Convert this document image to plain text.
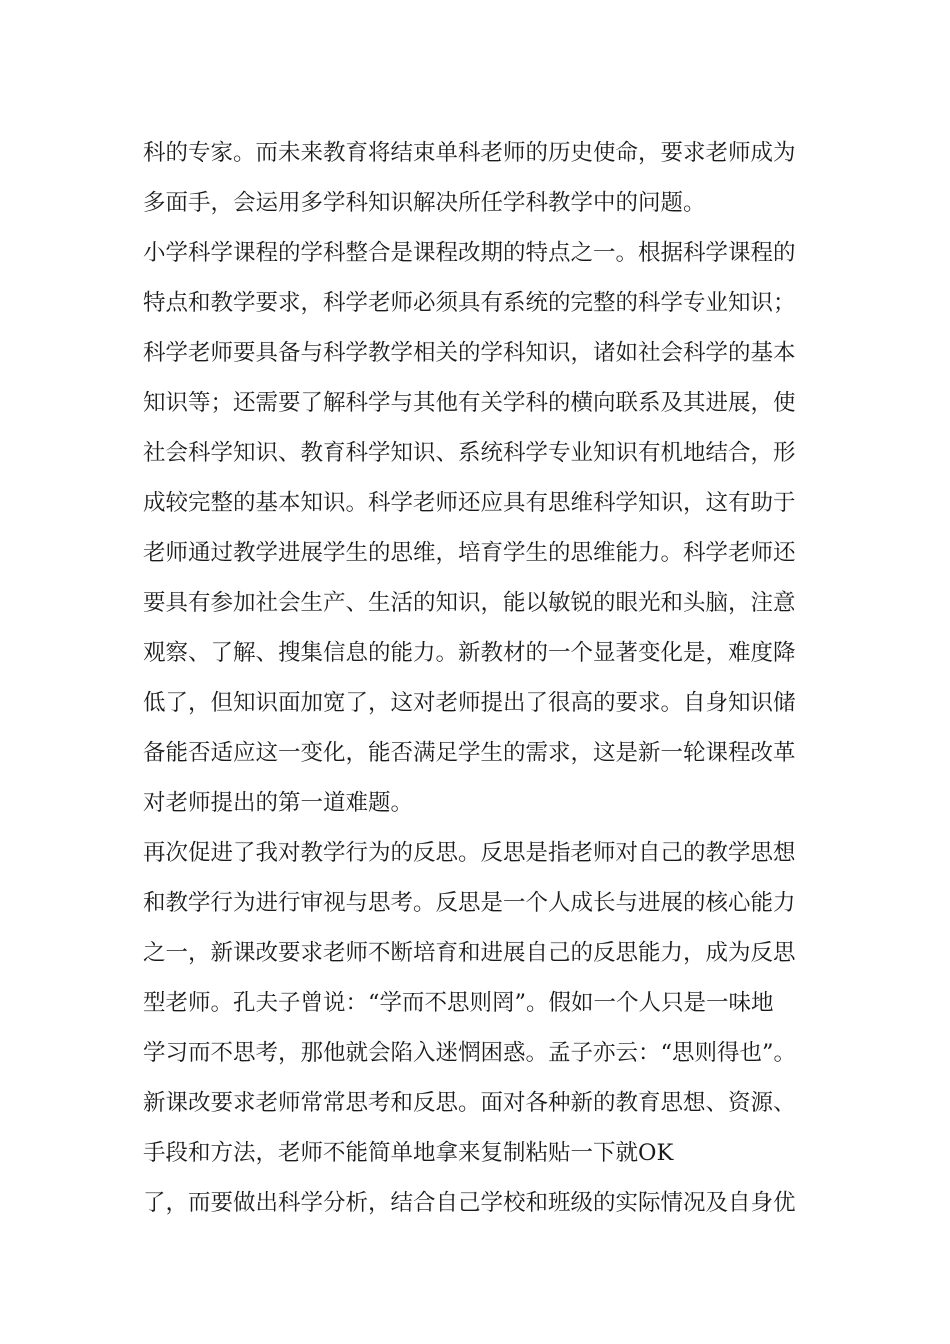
科的专家。而未来教育将结束单科老师的历史使命，要求老师成为
多面手，会运用多学科知识解决所任学科教学中的问题。
小学科学课程的学科整合是课程改期的特点之一。根据科学课程的
特点和教学要求，科学老师必须具有系统的完整的科学专业知识；
科学老师要具备与科学教学相关的学科知识，诸如社会科学的基本
知识等；还需要了解科学与其他有关学科的横向联系及其进展，使
社会科学知识、教育科学知识、系统科学专业知识有机地结合，形
成较完整的基本知识。科学老师还应具有思维科学知识，这有助于
老师通过教学进展学生的思维，培育学生的思维能力。科学老师还
要具有参加社会生产、生活的知识，能以敏锐的眼光和头脑，注意
观察、了解、搜集信息的能力。新教材的一个显著变化是，难度降
低了，但知识面加宽了，这对老师提出了很高的要求。自身知识储
备能否适应这一变化，能否满足学生的需求，这是新一轮课程改革
对老师提出的第一道难题。
再次促进了我对教学行为的反思。反思是指老师对自己的教学思想
和教学行为进行审视与思考。反思是一个人成长与进展的核心能力
之一，新课改要求老师不断培育和进展自己的反思能力，成为反思
型老师。孔夫子曾说：“学而不思则罔”。假如一个人只是一味地
学习而不思考，那他就会陷入迷惘困惑。孟子亦云：“思则得也”。
新课改要求老师常常思考和反思。面对各种新的教育思想、资源、
手段和方法，老师不能简单地拿来复制粘贴一下就OK
了，而要做出科学分析，结合自己学校和班级的实际情况及自身优
